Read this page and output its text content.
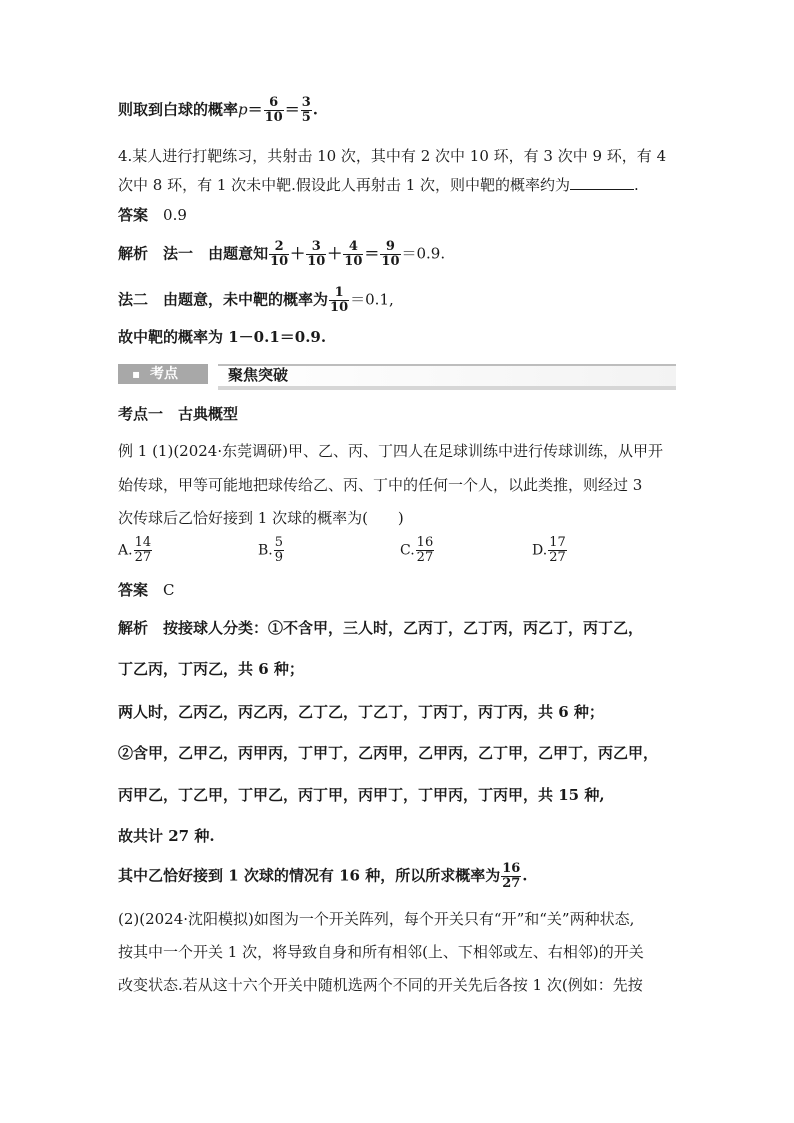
则取到白球的概率$p= \frac{6}{10} = \frac{3}{5}$ .
4.某人进行打靶练习，共射击 10 次，其中有 2 次中 10 环，有 3 次中 9 环，有 4
次中 8 环，有 1 次未中靶.假设此人再射击 1 次，则中靶的概率约为	.
答案　 0.9
解析　 法一　 由题意知 $\frac{2}{10} + \frac{3}{10} + \frac{4}{10} = \frac{9}{10} =0.9$.
法二　 由题意，未中靶的概率为 $\frac{1}{10} =0.1$,
故中靶的概率为 1－0.1＝0.9.
▪ 考点	聚焦突破
考点一　 古典概型
例 1 (1)(2024·东莞调研)甲、乙、丙、丁四人在足球训练中进行传球训练，从甲开
始传球，甲等可能地把球传给乙、丙、丁中的任何一个人，以此类推，则经过 3
次传球后乙恰好接到 1 次球的概率为(　　)
A. $\frac{14}{27}$	B. $\frac{5}{9}$	C. $\frac{16}{27}$	D. $\frac{17}{27}$
答案　 C
解析　 按接球人分类：①不含甲，三人时，乙丙丁，乙丁丙，丙乙丁，丙丁乙，
丁乙丙，丁丙乙，共 6 种；
两人时，乙丙乙，丙乙丙，乙丁乙，丁乙丁，丁丙丁，丙丁丙，共 6 种；
②含甲，乙甲乙，丙甲丙，丁甲丁，乙丙甲，乙甲丙，乙丁甲，乙甲丁，丙乙甲，
丙甲乙，丁乙甲，丁甲乙，丙丁甲，丙甲丁，丁甲丙，丁丙甲，共 15 种,
故共计 27 种.
其中乙恰好接到 1 次球的情况有 16 种，所以所求概率为 $\frac{16}{27}$ .
(2)(2024·沈阳模拟)如图为一个开关阵列，每个开关只有“开”和“关”两种状态,
按其中一个开关 1 次，将导致自身和所有相邻(上、下相邻或左、右相邻)的开关
改变状态.若从这十六个开关中随机选两个不同的开关先后各按 1 次(例如：先按
